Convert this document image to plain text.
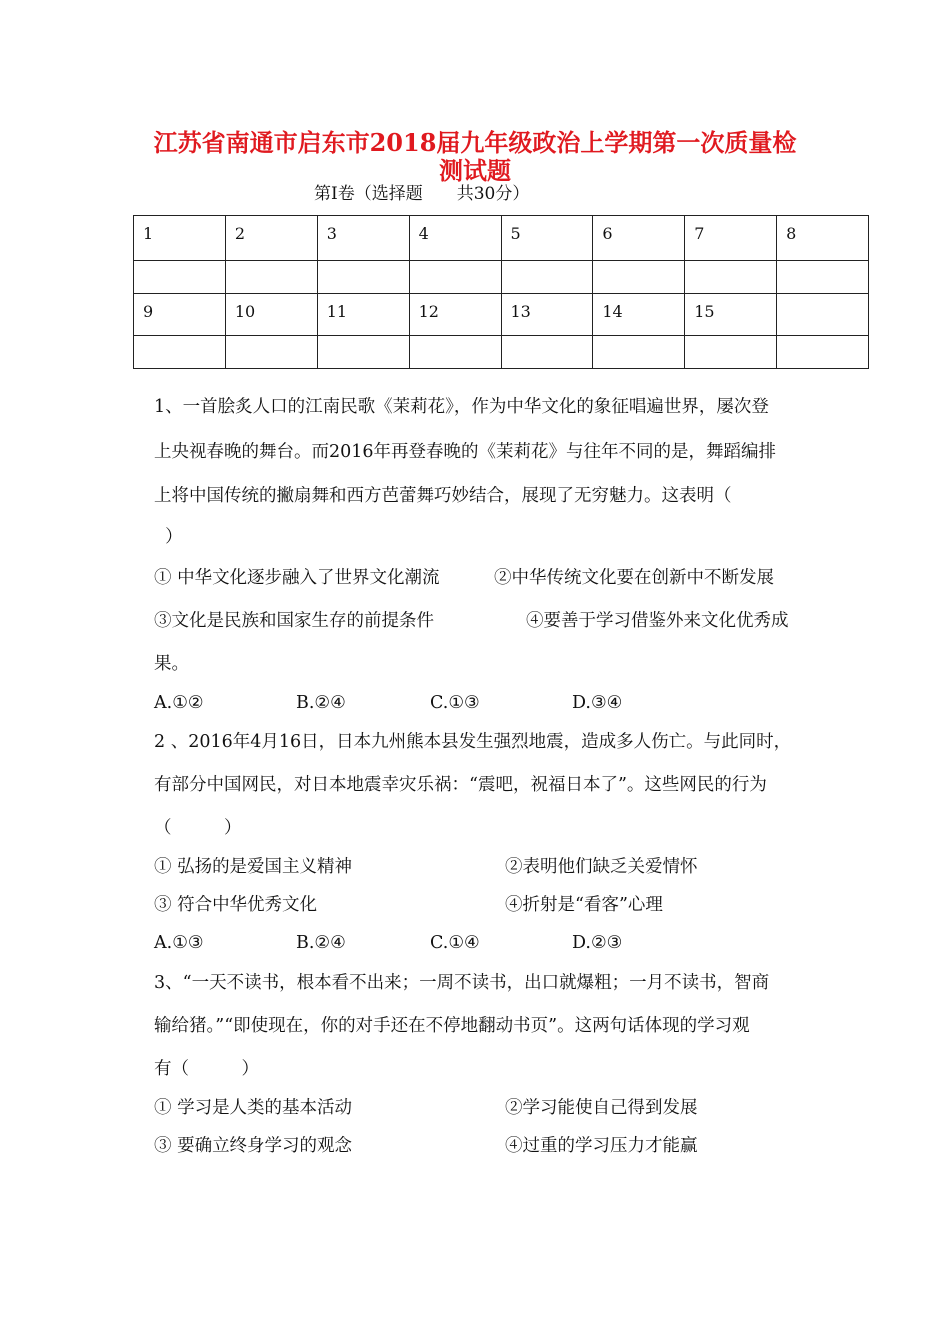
江苏省南通市启东市2018届九年级政治上学期第一次质量检
测试题
第Ⅰ卷（选择题　　共30分）
1	2	3	4	5	6	7	8

9	10	11	12	13	14	15	

1、一首脍炙人口的江南民歌《茉莉花》，作为中华文化的象征唱遍世界，屡次登
上央视春晚的舞台。而2016年再登春晚的《茉莉花》与往年不同的是，舞蹈编排
上将中国传统的撇扇舞和西方芭蕾舞巧妙结合，展现了无穷魅力。这表明（
）
① 中华文化逐步融入了世界文化潮流	②中华传统文化要在创新中不断发展
③文化是民族和国家生存的前提条件	④要善于学习借鉴外来文化优秀成
果。
A.①②	B.②④	C.①③	D.③④
2 、2016年4月16日，日本九州熊本县发生强烈地震，造成多人伤亡。与此同时，
有部分中国网民，对日本地震幸灾乐祸：“震吧，祝福日本了”。这些网民的行为
（　　　）
① 弘扬的是爱国主义精神	②表明他们缺乏关爱情怀
③ 符合中华优秀文化	④折射是“看客”心理
A.①③	B.②④	C.①④	D.②③
3、“一天不读书，根本看不出来；一周不读书，出口就爆粗；一月不读书，智商
输给猪。”“即使现在，你的对手还在不停地翻动书页”。这两句话体现的学习观
有（　　　）
① 学习是人类的基本活动	②学习能使自己得到发展
③ 要确立终身学习的观念	④过重的学习压力才能赢
